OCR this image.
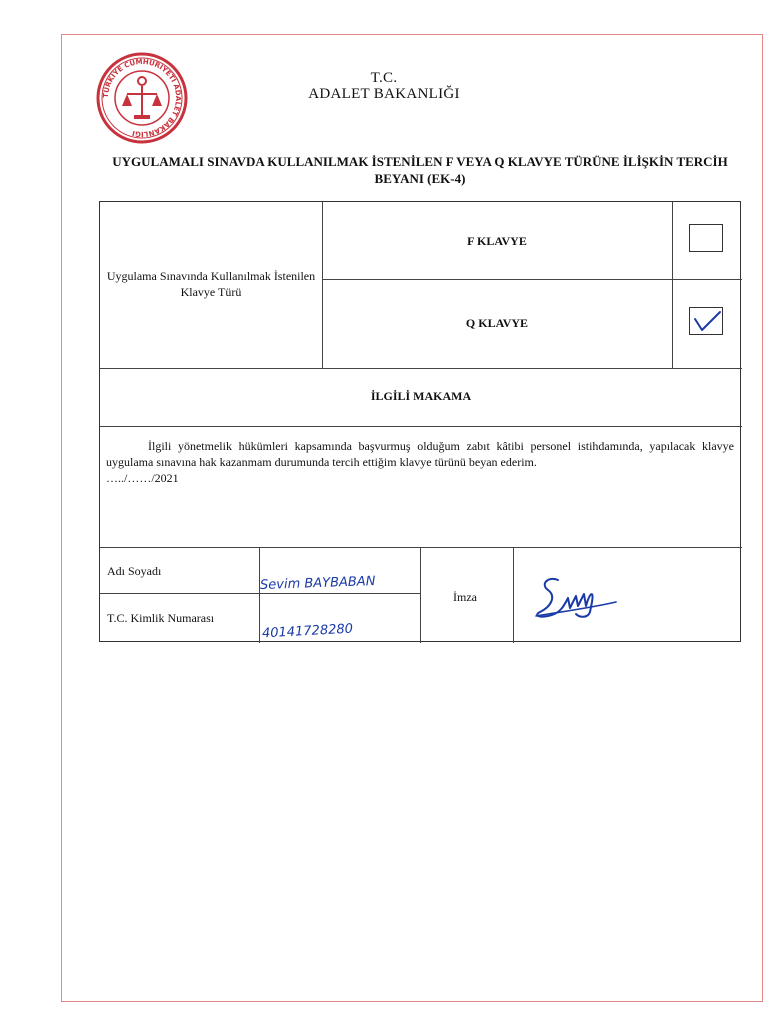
TÜRKİYE CUMHURİYETİ ADALET BAKANLIĞI
T.C.
ADALET BAKANLIĞI
UYGULAMALI SINAVDA KULLANILMAK İSTENİLEN F VEYA Q KLAVYE TÜRÜNE İLİŞKİN TERCİH BEYANI (EK-4)
Uygulama Sınavında Kullanılmak İstenilen Klavye Türü
F KLAVYE
Q KLAVYE
İLGİLİ MAKAMA
Adı Soyadı
T.C. Kimlik Numarası
İmza
Sevim BAYBABAN
40141728280
İlgili yönetmelik hükümleri kapsamında başvurmuş olduğum zabıt kâtibi personel istihdamında, yapılacak klavye uygulama sınavına hak kazanmam durumunda tercih ettiğim klavye türünü beyan ederim.
…../……/2021
